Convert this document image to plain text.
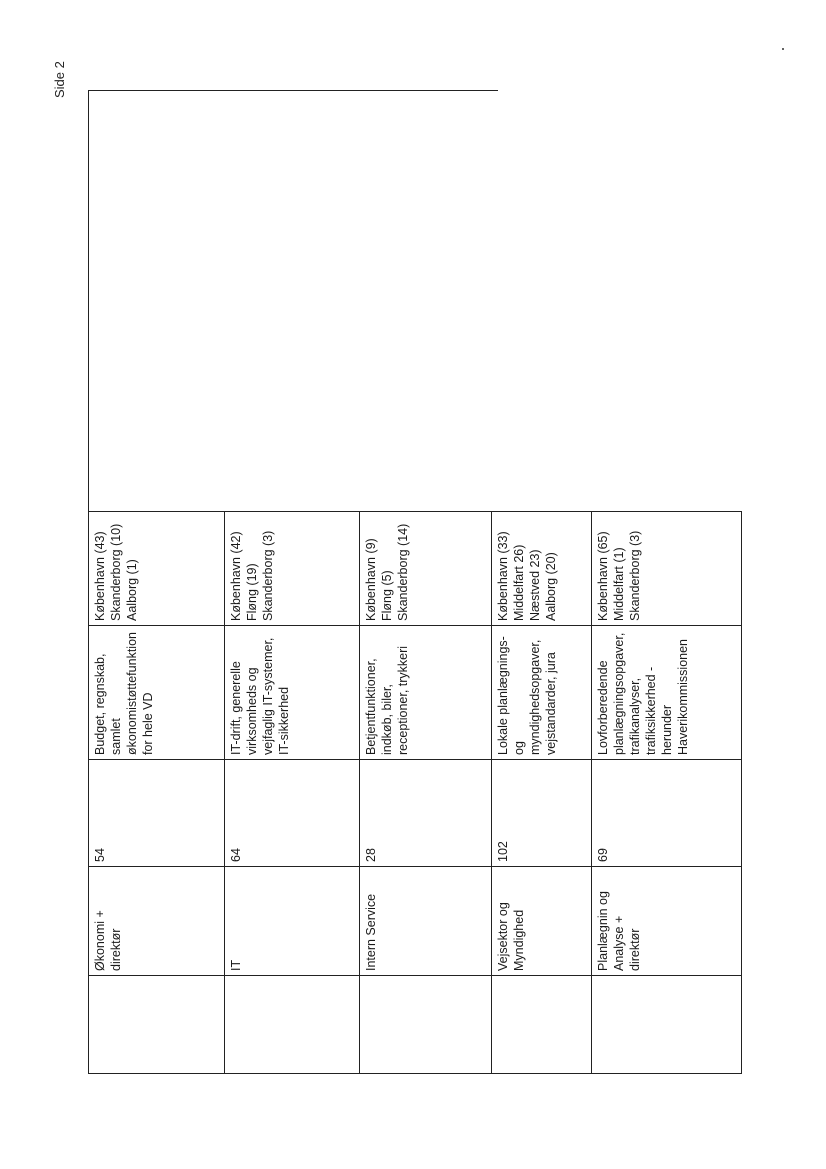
	Økonomi + direktør	54	Budget, regnskab, samlet økonomistøttefunktion for hele VD	København (43)
Skanderborg (10)
Aalborg (1)

	IT	64	IT-drift, generelle virksomheds og vejfaglig IT-systemer, IT-sikkerhed	København (42)
Fløng (19)
Skanderborg (3)

	Intern Service	28	Betjentfunktioner, indkøb, biler, receptioner, trykkeri	København (9)
Fløng (5)
Skanderborg (14)

	Vejsektor og Myndighed	102	Lokale planlægnings- og myndighedsopgaver, vejstandarder, jura	København (33)
Middelfart 26)
Næstved 23)
Aalborg (20)

	Planlægnin og Analyse + direktør	69	Lovforberedende planlægningsopgaver, trafikanalyser, trafiksikkerhed - herunder Haverikommissionen	København (65)
Middelfart (1)
Skanderborg (3)
Side 2
